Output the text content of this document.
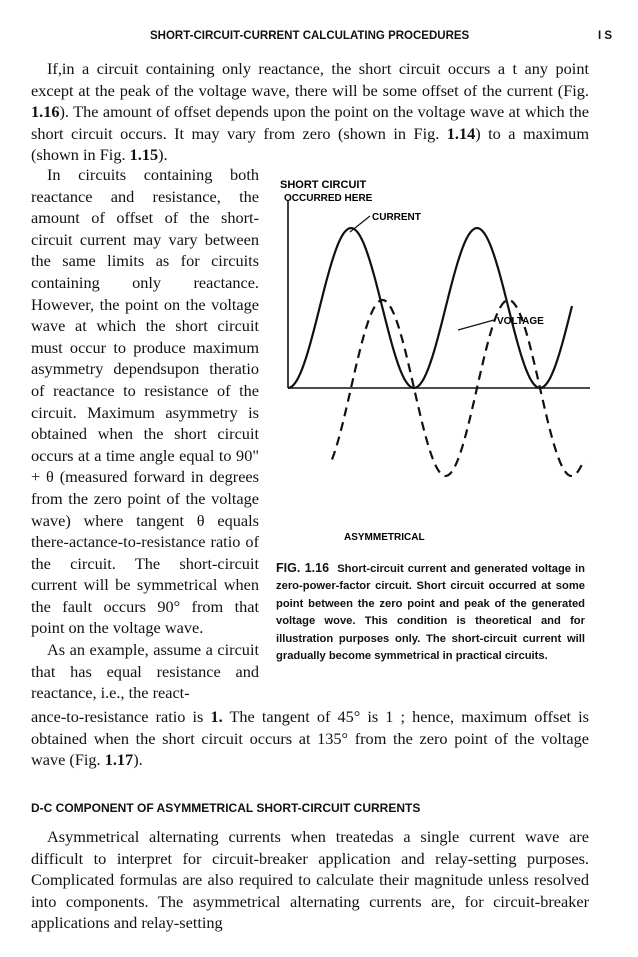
SHORT-CIRCUIT-CURRENT CALCULATING PROCEDURES	I S

If,in a circuit containing only reactance, the short circuit occurs a t any point except at the peak of the voltage wave, there will be some offset of the current (Fig. 1.16). The amount of offset depends upon the point on the voltage wave at which the short circuit occurs. It may vary from zero (shown in Fig. 1.14) to a maximum (shown in Fig. 1.15).

In circuits containing both reactance and resistance, the amount of offset of the short-circuit current may vary between the same limits as for circuits containing only reactance. However, the point on the voltage wave at which the short circuit must occur to produce maximum asymmetry dependsupon theratio of reactance to resistance of the circuit. Maximum asymmetry is obtained when the short circuit occurs at a time angle equal to 90" + θ (measured forward in degrees from the zero point of the voltage wave) where tangent θ equals there-actance-to-resistance ratio of the circuit. The short-circuit current will be symmetrical when the fault occurs 90° from that point on the voltage wave.

As an example, assume a circuit that has equal resistance and reactance, i.e., the react-

SHORT CIRCUIT
OCCURRED HERE
CURRENT
VOLTAGE
ASYMMETRICAL
FIG. 1.16 Short-circuit current and generated voltage in zero-power-factor circuit. Short circuit occurred at some point between the zero point and peak of the generated voltage wove. This condition is theoretical and for illustration purposes only. The short-circuit current will gradually become symmetrical in practical circuits.

ance-to-resistance ratio is 1. The tangent of 45° is 1 ; hence, maximum offset is obtained when the short circuit occurs at 135° from the zero point of the voltage wave (Fig. 1.17).

D-C COMPONENT OF ASYMMETRICAL SHORT-CIRCUIT CURRENTS

Asymmetrical alternating currents when treatedas a single current wave are difficult to interpret for circuit-breaker application and relay-setting purposes. Complicated formulas are also required to calculate their magnitude unless resolved into components. The asymmetrical alternating currents are, for circuit-breaker applications and relay-setting
